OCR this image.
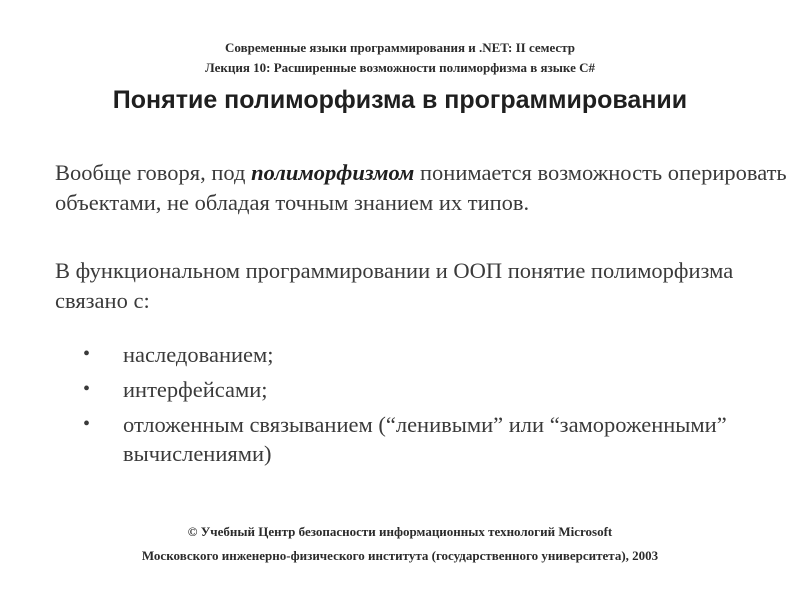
Современные языки программирования и .NET: II семестр
Лекция 10: Расширенные возможности полиморфизма в языке C#
Понятие полиморфизма в программировании

Вообще говоря, под полиморфизмом понимается возможность оперировать объектами, не обладая точным знанием их типов.

В функциональном программировании и ООП понятие полиморфизма связано с:

• наследованием;
• интерфейсами;
• отложенным связыванием (“ленивыми” или “замороженными” вычислениями)
© Учебный Центр безопасности информационных технологий Microsoft
Московского инженерно-физического института (государственного университета), 2003
